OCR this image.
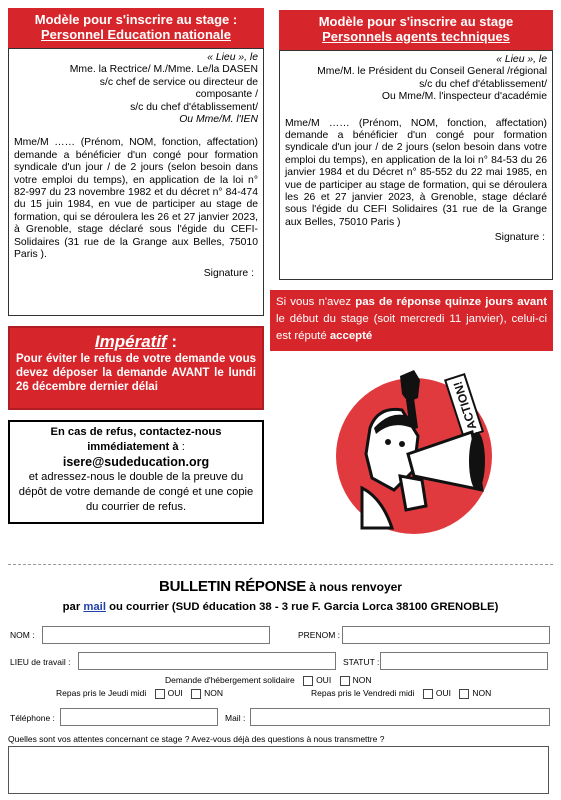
Modèle pour s'inscrire au stage :
Personnel Education nationale
« Lieu », le
Mme. la Rectrice/ M./Mme. Le/la DASEN
s/c chef de service ou directeur de
composante /
s/c du chef d'établissement/
Ou Mme/M. l'IEN
Mme/M …… (Prénom, NOM, fonction, affectation) demande a bénéficier d'un congé pour formation syndicale d'un jour / de 2 jours (selon besoin dans votre emploi du temps), en application de la loi n° 82-997 du 23 novembre 1982 et du décret n° 84-474 du 15 juin 1984, en vue de participer au stage de formation, qui se déroulera les 26 et 27 janvier 2023, à Grenoble, stage déclaré sous l'égide du CEFI-Solidaires (31 rue de la Grange aux Belles, 75010 Paris ).
Signature :
Modèle pour s'inscrire au stage
Personnels agents techniques
« Lieu », le
Mme/M. le Président du Conseil General /régional
s/c du chef d'établissement/
Ou Mme/M. l'inspecteur d'académie
Mme/M …… (Prénom, NOM, fonction, affectation) demande a bénéficier d'un congé pour formation syndicale d'un jour / de 2 jours (selon besoin dans votre emploi du temps), en application de la loi n° 84-53 du 26 janvier 1984 et du Décret n° 85-552 du 22 mai 1985, en vue de participer au stage de formation, qui se déroulera les 26 et 27 janvier 2023, à Grenoble, stage déclaré sous l'égide du CEFI Solidaires (31 rue de la Grange aux Belles, 75010 Paris )
Signature :
Si vous n'avez pas de réponse quinze jours avant le début du stage (soit mercredi 11 janvier), celui-ci est réputé accepté
Impératif :
Pour éviter le refus de votre demande vous devez déposer la demande AVANT le lundi 26 décembre dernier délai
En cas de refus, contactez-nous immédiatement à :
isere@sudeducation.org
et adressez-nous le double de la preuve du dépôt de votre demande de congé et une copie du courrier de refus.
ACTION!
BULLETIN RÉPONSE à nous renvoyer
par mail ou courrier (SUD éducation 38 - 3 rue F. Garcia Lorca 38100 GRENOBLE)
NOM :	PRENOM :
LIEU de travail :	STATUT :
Demande d'hébergement solidaire	OUI	NON
Repas pris le Jeudi midi	OUI	NON	Repas pris le Vendredi midi	OUI	NON
Téléphone :	Mail :
Quelles sont vos attentes concernant ce stage ? Avez-vous déjà des questions à nous transmettre ?
